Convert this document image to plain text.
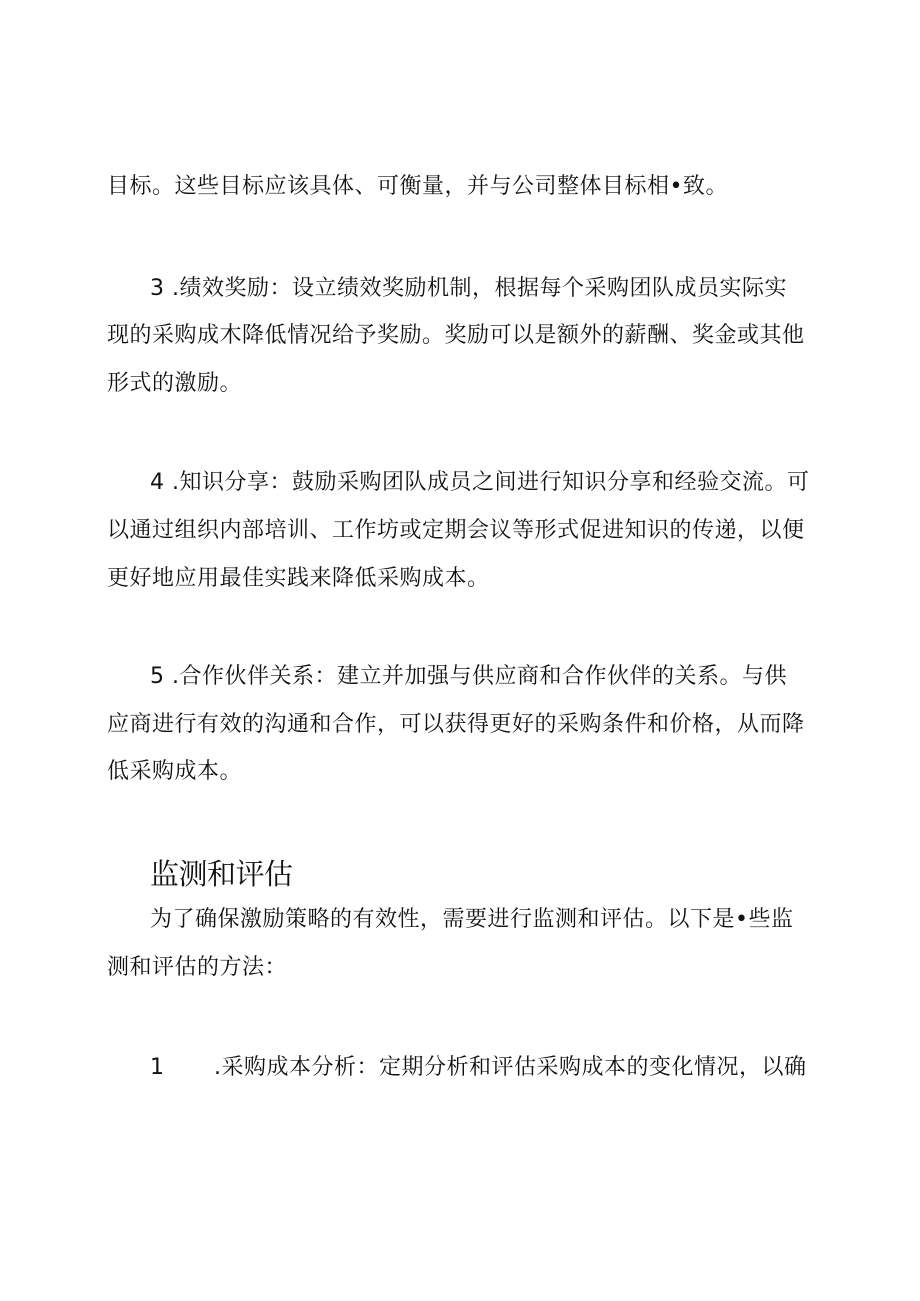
目标。这些目标应该具体、可衡量，并与公司整体目标相•致。
3 .绩效奖励：设立绩效奖励机制，根据每个采购团队成员实际实
现的采购成木降低情况给予奖励。奖励可以是额外的薪酬、奖金或其他
形式的激励。
4 .知识分享：鼓励采购团队成员之间进行知识分享和经验交流。可
以通过组织内部培训、工作坊或定期会议等形式促进知识的传递，以便
更好地应用最佳实践来降低采购成本。
5 .合作伙伴关系：建立并加强与供应商和合作伙伴的关系。与供
应商进行有效的沟通和合作，可以获得更好的采购条件和价格，从而降
低采购成本。
监测和评估
为了确保激励策略的有效性，需要进行监测和评估。以下是•些监
测和评估的方法：
1 .采购成本分析：定期分析和评估采购成本的变化情况，以确
